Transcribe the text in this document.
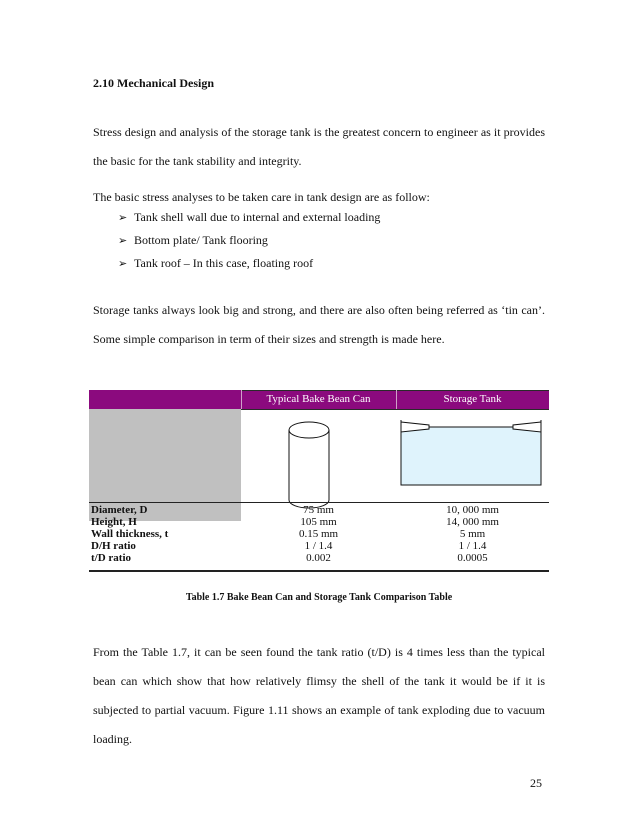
2.10 Mechanical Design
Stress design and analysis of the storage tank is the greatest concern to engineer as it provides the basic for the tank stability and integrity.
The basic stress analyses to be taken care in tank design are as follow:
➢ Tank shell wall due to internal and external loading
➢ Bottom plate/ Tank flooring
➢ Tank roof – In this case, floating roof
Storage tanks always look big and strong, and there are also often being referred as ‘tin can’. Some simple comparison in term of their sizes and strength is made here.
Typical Bake Bean Can	Storage Tank
Diameter, D
Height, H
Wall thickness, t
D/H ratio
t/D ratio
75 mm
105 mm
0.15 mm
1 / 1.4
0.002
10, 000 mm
14, 000 mm
5 mm
1 / 1.4
0.0005
Table 1.7 Bake Bean Can and Storage Tank Comparison Table
From the Table 1.7, it can be seen found the tank ratio (t/D) is 4 times less than the typical bean can which show that how relatively flimsy the shell of the tank it would be if it is subjected to partial vacuum. Figure 1.11 shows an example of tank exploding due to vacuum loading.
25
